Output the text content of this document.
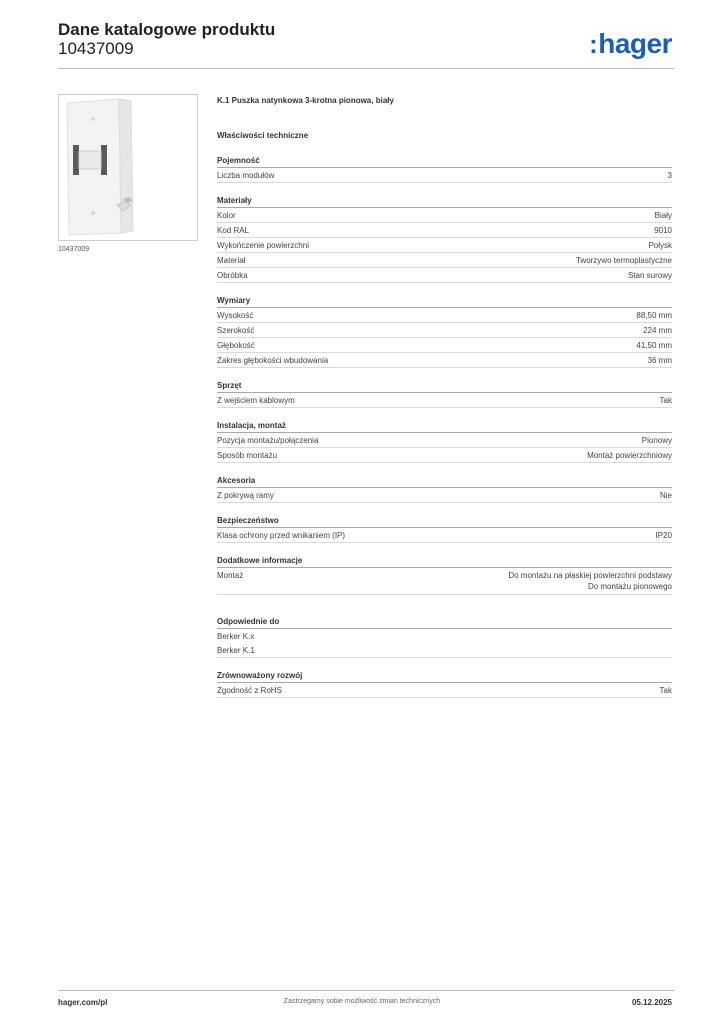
Dane katalogowe produktu
10437009	:hager
10437009
K.1 Puszka natynkowa 3-krotna pionowa, biały
Właściwości techniczne
Pojemność
Liczba modułów	3
Materiały
Kolor	Biały
Kod RAL	9010
Wykończenie powierzchni	Połysk
Materiał	Tworzywo termoplastyczne
Obróbka	Stan surowy
Wymiary
Wysokość	88,50 mm
Szerokość	224 mm
Głębokość	41,50 mm
Zakres głębokości wbudowania	36 mm
Sprzęt
Z wejściem kablowym	Tak
Instalacja, montaż
Pozycja montażu/połączenia	Pionowy
Sposób montażu	Montaż powierzchniowy
Akcesoria
Z pokrywą ramy	Nie
Bezpieczeństwo
Klasa ochrony przed wnikaniem (IP)	IP20
Dodatkowe informacje
Montaż	Do montażu na płaskiej powierzchni podstawy
Do montażu pionowego
Odpowiednie do
Berker K.x
Berker K.1
Zrównoważony rozwój
Zgodność z RoHS	Tak
hager.com/pl	Zastrzegamy sobie możliwość zmian technicznych	05.12.2025
